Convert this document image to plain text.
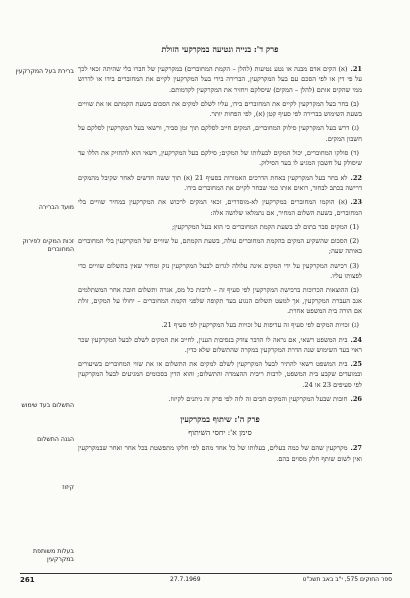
ברירת בעל המקרקעין
מועד הברירה
זכות המקים לפירוק המחוברים
התשלום בעד שימוש
הגנה התשלום
קיזוז
בעלות משותפת במקרקעין
פרק ד': בנייה ונטיעה במקרקעי הזולת
21.(א) הקים אדם מבנה או נטע נטיעות (להלן – הקמת המחוברים) במקרקעין של חברו בלי שהיתה זכאי לכך על פי דין או לפי הסכם עם בעל המקרקעין, הברירה בידי בעל המקרקעין לקיים את המחוברים בידו או לדרוש ממי שהקים אותם (להלן – המקים) שיסלקם ויחזיר את המקרקעין לקדמותם.
(ב) בחר בעל המקרקעין לקיים את המחוברים בידו, עליו לשלם למקים את הסכום בשעת הקמתם או את שוויים בשעת השימוש בברירה לפי סעיף קטן (א), לפי הפחות יותר.
(ג) דרש בעל המקרקעין סילוק המחוברים, המקים חייב לסלקם תוך זמן סביר, ורשאי בעל המקרקעין לסלקם על חשבון המקים.
(ד) סולקו המחוברים, יכול המקים לבעלותו של המקים; סילקם בעל המקרקעין, רשאי הוא להחזיק את הללו עד שיסולק על חשבון המגיע לו בעד הסילוק.
22.לא בחר בעל המקרקעין באחת הדרכים האמורות בסעיף 21 (א) תוך ששה חדשים לאחר שקיבל מהמקים דרישה בכתב לבחור, רואים אותו כמי שבחר לקיים את המחוברים בידו.
23.(א) הוקמו המחוברים במקרקעין לא-מוסדרים, זכאי המקים לרכוש את המקרקעין במחיר שוויים בלי המחוברים, בשעת השלום המחיר, אם נתמלאו שלושה אלה:
(1) המקים סבר בתום לב בשעת הקמת המחוברים כי הוא בעל המקרקעין;
(2) הסכום שהשקיע המקים בהקמת המחוברים עולה, בשעת הקמתם, על שוויים של המקרקעין בלי המחוברים באותה שעה;
(3) רכישת המקרקעין על ידי המקים אינה עלולה לגרום לבעל המקרקעין נזק ומחיר שאין בתשלום שוויים כדי לפצותו עליו.
(ב) ההוצאות הכרוכות ברכישת המקרקעין לפי סעיף זה – לרבות כל מס, אגרה ותשלום חובה אחר המשתלמים אגב העברת המקרקעין, אך למעט תשלום הנגוע בעד תקופה שלפני הקמת המחוברים – יחולו על המקים, זולת אם הורה בית המשפט אחרת.
(ג) זכויות המקים לפי סעיף זה עדיפות על זכויות בעל המקרקעין לפי סעיף 21.
24.בית המשפט רשאי, אם נראה לו הדבר צודק בנסיבות הענין, לחייב את המקים לשלם לבעל המקרקעין שכר ראוי בעד השימוש שנה הדרת המקרקעין במקרה שהתשלום שלא כדין.
25.בית המשפט רשאי להתיר לבעל המקרקעין לשלם למקים את התשלום או את שווי המחוברים בשיעורים ובמועדים שקבע בית המשפט, לרבות ריבית ההצמדה והתשלום; והוא הדין בסכומים המגיעים לבעל המקרקעין לפי סעיפים 23 או 24.
26.חובות שבעל המקרקעין והמקים חבים זה לזה לפי פרק זה ניתנים לקיזוז.
פרק ה': שיתוף במקרקעין
סימן א': יחסי השיתוף
27.מקרקעין שהם של כמה בעלים, בעלותו של כל אחד מהם לפי חלקו מתפשטת בכל אחר ואחר שבמקרקעין ואין לשום שותף חלק מסוים בהם.
261	27.7.1969	ספר החוקים 575, י"ב באב תשכ"ט
